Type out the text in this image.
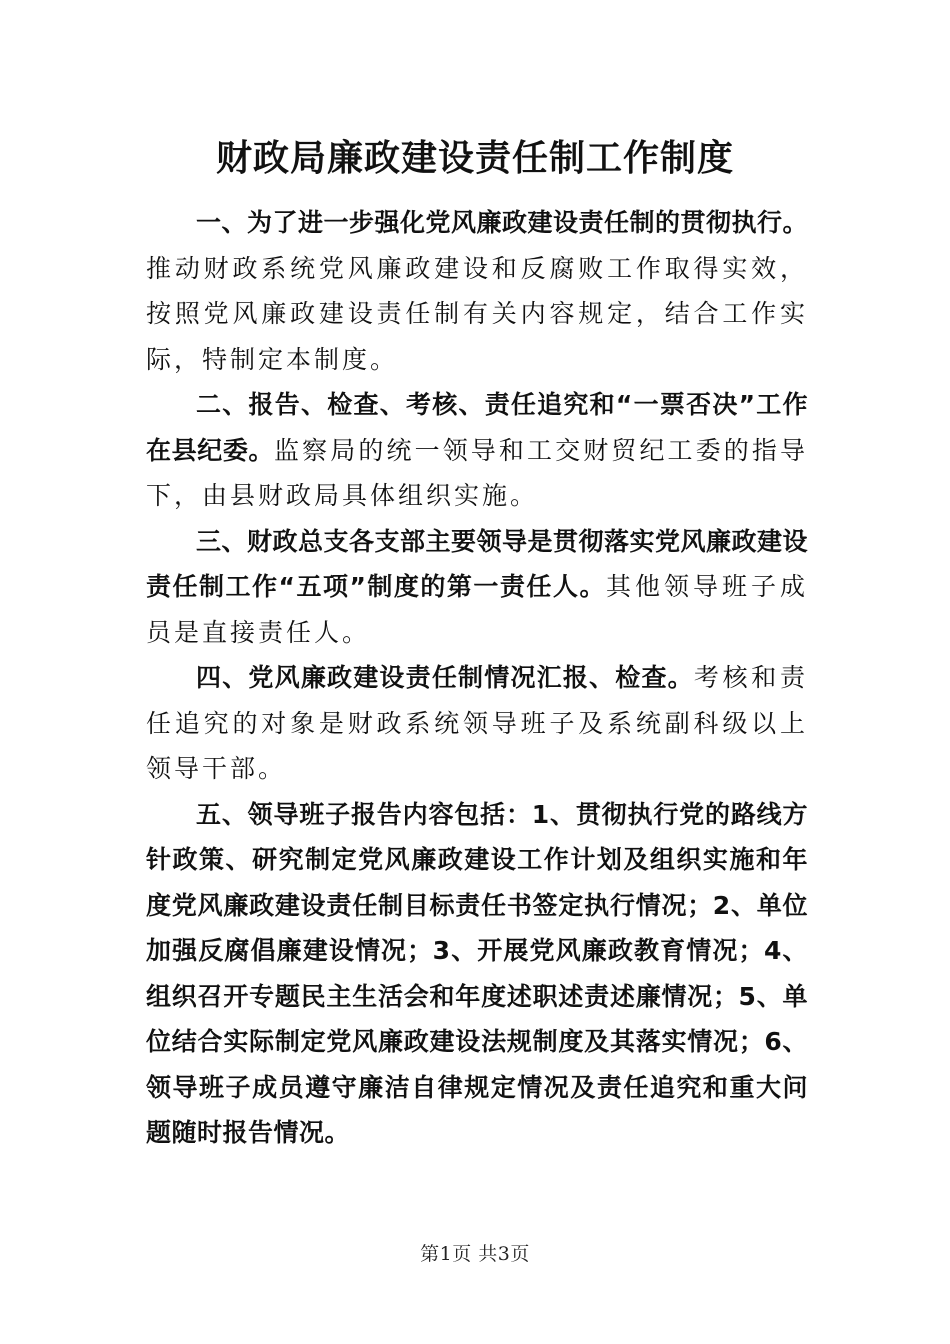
财政局廉政建设责任制工作制度

一、为了进一步强化党风廉政建设责任制的贯彻执行。推动财政系统党风廉政建设和反腐败工作取得实效，按照党风廉政建设责任制有关内容规定，结合工作实际，特制定本制度。

二、报告、检查、考核、责任追究和“一票否决”工作在县纪委。监察局的统一领导和工交财贸纪工委的指导下，由县财政局具体组织实施。

三、财政总支各支部主要领导是贯彻落实党风廉政建设责任制工作“五项”制度的第一责任人。其他领导班子成员是直接责任人。

四、党风廉政建设责任制情况汇报、检查。考核和责任追究的对象是财政系统领导班子及系统副科级以上领导干部。

五、领导班子报告内容包括：1、贯彻执行党的路线方针政策、研究制定党风廉政建设工作计划及组织实施和年度党风廉政建设责任制目标责任书签定执行情况；2、单位加强反腐倡廉建设情况；3、开展党风廉政教育情况；4、组织召开专题民主生活会和年度述职述责述廉情况；5、单位结合实际制定党风廉政建设法规制度及其落实情况；6、领导班子成员遵守廉洁自律规定情况及责任追究和重大问题随时报告情况。

第1页 共3页
